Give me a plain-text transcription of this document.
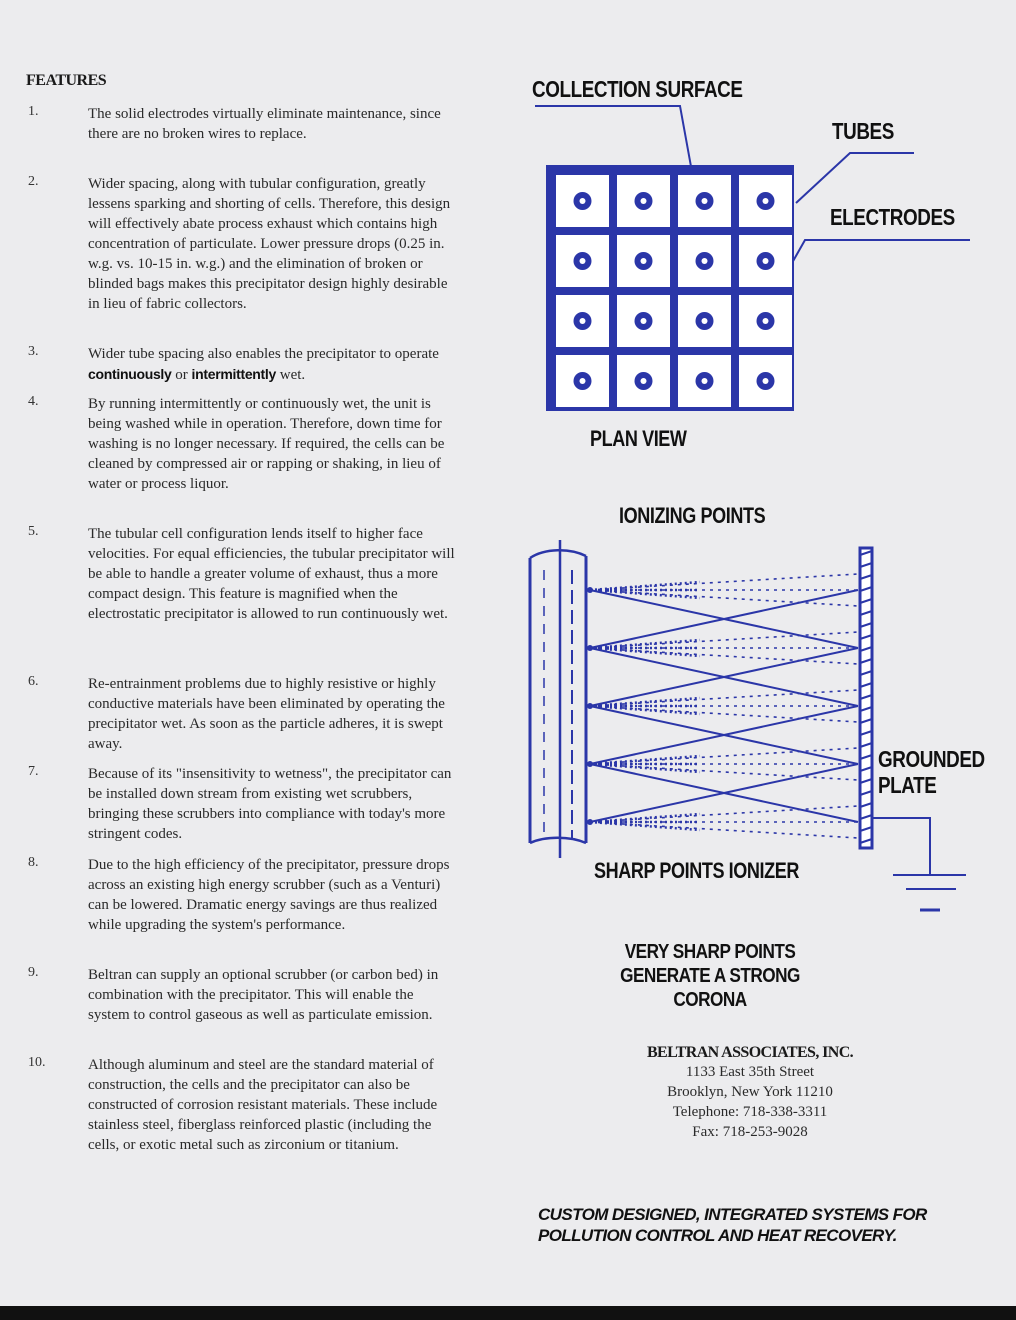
FEATURES
1.	The solid electrodes virtually eliminate maintenance, since there are no broken wires to replace.
2.	Wider spacing, along with tubular configuration, greatly lessens sparking and shorting of cells. Therefore, this design will effectively abate process exhaust which contains high concentration of particulate. Lower pressure drops (0.25 in. w.g. vs. 10-15 in. w.g.) and the elimination of broken or blinded bags makes this precipitator design highly desirable in lieu of fabric collectors.
3.	Wider tube spacing also enables the precipitator to operate continuously or intermittently wet.
4.	By running intermittently or continuously wet, the unit is being washed while in operation. Therefore, down time for washing is no longer necessary. If required, the cells can be cleaned by compressed air or rapping or shaking, in lieu of water or process liquor.
5.	The tubular cell configuration lends itself to higher face velocities. For equal efficiencies, the tubular precipitator will be able to handle a greater volume of exhaust, thus a more compact design. This feature is magnified when the electrostatic precipitator is allowed to run continuously wet.
6.	Re-entrainment problems due to highly resistive or highly conductive materials have been eliminated by operating the precipitator wet. As soon as the particle adheres, it is swept away.
7.	Because of its "insensitivity to wetness", the precipitator can be installed down stream from existing wet scrubbers, bringing these scrubbers into compliance with today's more stringent codes.
8.	Due to the high efficiency of the precipitator, pressure drops across an existing high energy scrubber (such as a Venturi) can be lowered. Dramatic energy savings are thus realized while upgrading the system's performance.
9.	Beltran can supply an optional scrubber (or carbon bed) in combination with the precipitator. This will enable the system to control gaseous as well as particulate emission.
10.	Although aluminum and steel are the standard material of construction, the cells and the precipitator can also be constructed of corrosion resistant materials. These include stainless steel, fiberglass reinforced plastic (including the cells, or exotic metal such as zirconium or titanium.
COLLECTION SURFACE
TUBES
ELECTRODES
PLAN VIEW
IONIZING POINTS
GROUNDED
PLATE
SHARP POINTS IONIZER
VERY SHARP POINTS
GENERATE A STRONG
CORONA
BELTRAN ASSOCIATES, INC.
1133 East 35th Street
Brooklyn, New York 11210
Telephone: 718-338-3311
Fax: 718-253-9028
CUSTOM DESIGNED, INTEGRATED SYSTEMS FOR
POLLUTION CONTROL AND HEAT RECOVERY.
